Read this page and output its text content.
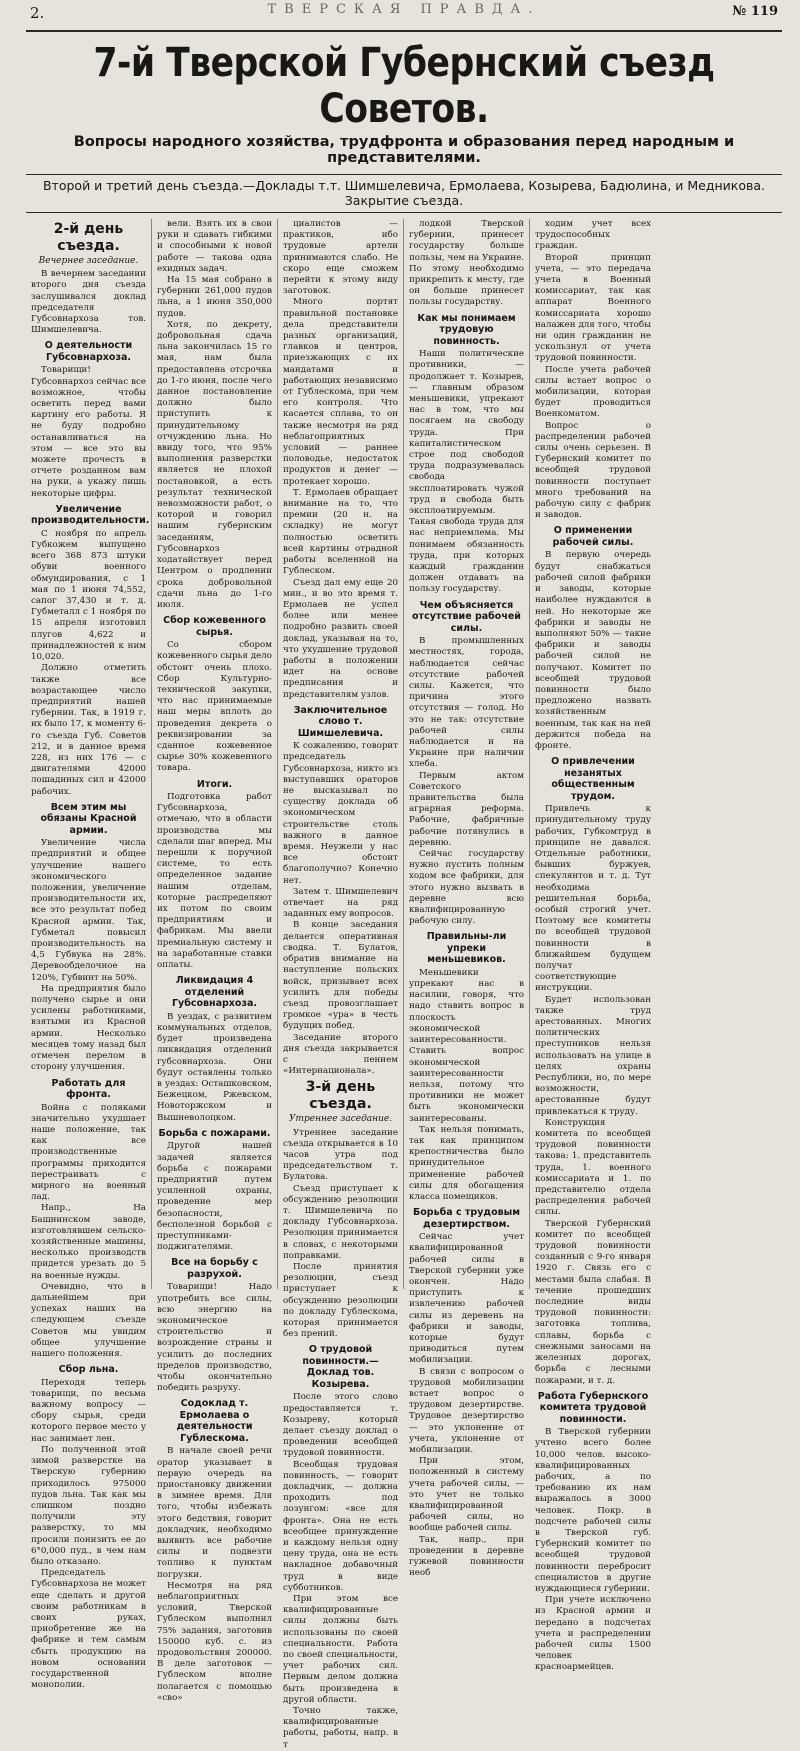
2.	ТВЕРСКАЯ ПРАВДА.	№ 119
7-й Тверской Губернский съезд Советов.
Вопросы народного хозяйства, трудфронта и образования перед народным и представителями.
Второй и третий день съезда.—Доклады т.т. Шимшелевича, Ермолаева, Козырева, Бадюлина, и Медникова. Закрытие съезда.
2-й день съезда.
Вечернее заседание.

В вечернем заседании второго дня съезда заслушивался доклад председателя Губсовнархоза тов. Шимшелевича.

О деятельности Губсовнархоза.

Товарищи! Губсовнархоз сейчас все возможное, чтобы осветить перед вами картину его работы. Я не буду подробно останавливаться на этом — все это вы можете прочесть в отчете розданном вам на руки, а укажу лишь некоторые цифры.

Увеличение производительности.

С ноября по апрель Губкожем выпущено всего 368 873 штуки обуви военного обмундирования, с 1 мая по 1 июня 74,552, сапог 37,430 и т. д. Губметалл с 1 ноября по 15 апреля изготовил плугов 4,622 и принадлежностей к ним 10,020.

Должно отметить также все возрастающее число предприятий нашей губернии. Так, в 1919 г. их было 17, к моменту 6-го съезда Губ. Советов 212, и в данное время 228, из них 176 — с двигателями 42000 лошадиных сил и 42000 рабочих.

Всем этим мы обязаны Красной армии.

Увеличение числа предприятий и общее улучшение нашего экономического положения, увеличение производительности их, все это результат побед Красной армии. Так, Губметал повысил производительность на 4,5 Губвука на 28%. Деревообделочное на 120%, Губвинт на 50%.

На предприятия было получено сырье и они усилены работниками, взятыми из Красной армии. Несколько месяцев тому назад был отмечен перелом в сторону улучшения.

Работать для фронта.

Война с поляками значительно ухудшает наше положение, так как все производственные программы приходится перестраивать с мирного на военный лад.

Напр., На Башнинском заводе, изготовлявшем сельско-хозяйственные машины, несколько производств придется урезать до 5 на военные нужды.

Очевидно, что в дальнейшем при успехах наших на следующем съезде Советов мы увидим общее улучшение нашего положения.

Сбор льна.

Переходя теперь товарищи, по весьма важному вопросу — сбору сырья, среди которого первое место у нас занимает лен.

По полученной этой зимой разверстке на Тверскую губернию приходилось 975000 пудов льна. Так как мы слишком поздно получили эту разверстку, то мы просили понизить ее до 6°0,000 пуд., в чем нам было отказано.

Председатель Губсовнархоза не может еще сделать и другой своим работникам в своих руках, приобретение же на фабрике и тем самым сбыть продукцию на новом основании государственной монополии.

вели. Взять их в свои руки и сдавать гибкими и способными к новой работе — такова одна ехидных задач.

На 15 мая собрано в губернии 261,000 пудов льна, а 1 июня 350,000 пудов.

Хотя, по декрету, добровольная сдача льна закончилась 15 го мая, нам была предоставлена отсрочка до 1-го июня, после чего данное постановление должно было приступить к принудительному отчуждению льна. Но ввиду того, что 95% выполнения разверстки является не плохой постановкой, а есть результат технической невозможности работ, о которой и говорил нашим губернским заседаниям, Губсовнархоз ходатайствует перед Центром о продлении срока добровольной сдачи льна до 1-го июля.

Сбор кожевенного сырья.

Со сбором кожевенного сырья дело обстоит очень плохо. Сбор Культурно-технической закупки, что нас принимаемые наш меры вплоть до проведения декрета о реквизировании за сданное кожевенное сырье 30% кожевенного товара.

Итоги.

Подготовка работ Губсовнархоза, отмечаю, что в области производства мы сделали шаг вперед. Мы перешли к поручной системе, то есть определенное задание нашим отделам, которые распределяют их потом по своим предприятиям и фабрикам. Мы ввели премиальную систему и на заработанные ставки оплаты.

Ликвидация 4 отделений Губсовнархоза.

В уездах, с развитием коммунальных отделов, будет произведена ликвидация отделений губсовнархоза. Они будут оставлены только в уездах: Осташковском, Бежецком, Ржевском, Новоторжском и Вышневолоцком.

Борьба с пожарами.

Другой нашей задачей является борьба с пожарами предприятий путем усиленной охраны, проведение мер безопасности, бесполезной борьбой с преступниками-поджигателями.

Все на борьбу с разрухой.

Товарищи! Надо употребить все силы, всю энергию на экономическое строительство и возрождение страны и усилить до последних пределов производство, чтобы окончательно победить разруху.

Содоклад т. Ермолаева о деятельности Гублескома.

В начале своей речи оратор указывает в первую очередь на приостановку движения в зимнее время. Для того, чтобы избежать этого бедствия, говорит докладчик, необходимо выявить все рабочие силы и подвезти топливо к пунктам погрузки.

Несмотря на ряд неблагоприятных условий, Тверской Гублеском выполнил 75% задания, заготовив 150000 куб. с. из продовольствия 200000. В деле заготовок — Гублеском вполне полагается с помощью «сво»

циалистов — практиков, ибо трудовые артели принимаются слабо. Не скоро еще сможем перейти к этому виду заготовок.

Много портят правильной постановке дела представители разных организаций, главков и центров, приезжающих с их мандатами и работающих независимо от Гублескома, при чем его контроля. Что касается сплава, то он также несмотря на ряд неблагоприятных условий — раннее половодье, недостаток продуктов и денег — протекает хорошо.

Т. Ермолаев обращает внимание на то, что премии (20 н. на складку) не могут полностью осветить всей картины отрадной работы вселенной на Гублеском.

Съезд дал ему еще 20 мин., и во это время т. Ермолаев не успел более или менее подробно развить своей доклад, указывая на то, что ухудшение трудовой работы в положении идет на основе предписания и представителям узлов.

Заключительное слово т. Шимшелевича.

К сожалению, говорит председатель Губсовнархоза, никто из выступавших ораторов не высказывал по существу доклада об экономическом строительстве столь важного в данное время. Неужели у нас все обстоит благополучно? Конечно нет.

Затем т. Шимшелевич отвечает на ряд заданных ему вопросов.

В конце заседания делается оперативная сводка. Т. Булатов, обратив внимание на наступление польских войск, призывает всех усилить для победы съезд провозглашает громкое «ура» в честь будущих побед.

Заседание второго дня съезда закрывается с пением «Интернационала».

3-й день съезда.
Утреннее заседание.

Утреннее заседание съезда открывается в 10 часов утра под председательством т. Булатова.

Съезд приступает к обсуждению резолюции т. Шимшелевича по докладу Губсовнархоза. Резолюция принимается в словах, с некоторыми поправками.

После принятия резолюции, съезд приступает к обсуждению резолюции по докладу Гублескома, которая принимается без прений.

О трудовой повинности.—Доклад тов. Козырева.

После этого слово предоставляется т. Козыреву, который делает съезду доклад о проведении всеобщей трудовой повинности.

Всеобщая трудовая повинность, — говорит докладчик, — должна проходить под лозунгом: «все для фронта». Она не есть всеобщее принуждение и каждому нельзя одну цену труда, она не есть накладное добавочный труд в виде субботников.

При этом все квалифицированные силы должны быть использованы по своей специальности. Работа по своей специальности, учет рабочих сил. Первым делом должна быть произведена в другой области.

Точно также, квалифицированные работы, работы, напр. в т

лодкой Тверской губернии, принесет государству больше пользы, чем на Украине. По этому необходимо прикрепить к месту, где он больше принесет пользы государству.

Как мы понимаем трудовую повинность.

Наши политические противники, — продолжает т. Козырев, — главным образом меньшевики, упрекают нас в том, что мы посягаем на свободу труда. При капиталистическом строе под свободой труда подразумевалась свобода эксплоатировать чужой труд и свобода быть эксплоатируемым. Такая свобода труда для нас неприемлема. Мы понимаем обязанность труда, при которых каждый гражданин должен отдавать на пользу государству.

Чем объясняется отсутствие рабочей силы.

В промышленных местностях, города, наблюдается сейчас отсутствие рабочей силы. Кажется, что причина этого отсутствия — голод. Но это не так: отсутствие рабочей силы наблюдается и на Украине при наличии хлеба.

Первым актом Советского правительства была аграрная реформа. Рабочие, фабричные рабочие потянулись в деревню.

Сейчас государству нужно пустить полным ходом все фабрики, для этого нужно вызвать в деревне всю квалифицированную рабочую силу.

Правильны-ли упреки меньшевиков.

Меньшевики упрекают нас в насилии, говоря, что надо ставить вопрос в плоскость экономической заинтересованности. Ставить вопрос экономической заинтересованности нельзя, потому что противники не может быть экономически заинтересованы.

Так нельзя понимать, так как принципом крепостничества было принудительное применение рабочей силы для обогащения класса помещиков.

Борьба с трудовым дезертирством.

Сейчас учет квалифицированной рабочей силы в Тверской губернии уже окончен. Надо приступить к извлечению рабочей силы из деревень на фабрики и заводы, которые будут приводиться путем мобилизации.

В связи с вопросом о трудовой мобилизации встает вопрос о трудовом дезертирстве. Трудовое дезертирство — это уклонение от учета, уклонение от мобилизации.

При этом, положенный в систему учета рабочей силы, — это учет не только квалифицированной рабочей силы, но вообще рабочей силы.

Так, напр., при проведении в деревне гужевой повинности необ

ходим учет всех трудоспособных граждан.

Второй принцип учета, — это передача учета в Военный комиссариат, так как аппарат Военного комиссариата хорошо налажен для того, чтобы ни один гражданин не ускользнул от учета трудовой повинности.

После учета рабочей силы встает вопрос о мобилизации, которая будет проводиться Военкоматом.

Вопрос о распределении рабочей силы очень серьезен. В Губернский комитет по всеобщей трудовой повинности поступает много требований на рабочую силу с фабрик и заводов.

О применении рабочей силы.

В первую очередь будут снабжаться рабочей силой фабрики и заводы, которые наиболее нуждаются в ней. Но некоторые же фабрики и заводы не выполняют 50% — такие фабрики и заводы рабочей силой не получают. Комитет по всеобщей трудовой повинности было предложено назвать хозяйственным военным, так как на ней держится победа на фронте.

О привлечении незанятых общественным трудом.

Привлечь к принудительному труду рабочих, Губкомтруд в принципе не давался. Отдельные работники, бывших буржуев, спекулянтов и т. д. Тут необходима решительная борьба, особый строгий учет. Поэтому все комитеты по всеобщей трудовой повинности в ближайшем будущем получат соответствующие инструкции.

Будет использован также труд арестованных. Многих политических преступников нельзя использовать на улице в целях охраны Республики, но, по мере возможности, арестованные будут привлекаться к труду.

Конструкция комитета по всеобщей трудовой повинности такова: 1. представитель труда, 1. военного комиссариата и 1. по представителю отдела распределения рабочей силы.

Тверской Губернский комитет по всеобщей трудовой повинности созданный с 9-го января 1920 г. Связь его с местами была слабая. В течение прошедших последние виды трудовой повинности: заготовка топлива, сплавы, борьба с снежными заносами на железных дорогах, борьба с лесными пожарами, и т. д.

Работа Губернского комитета трудовой повинности.

В Тверской губернии учтено всего более 10,000 челов. высоко-квалифицированных рабочих, а по требованию их нам выражалось в 3000 человек. Покр. в подсчете рабочей силы в Тверской губ. Губернский комитет по всеобщей трудовой повинности перебросит специалистов в другие нуждающиеся губернии.

При учете исключено из Красной армии и передано в подсчетах учета и распределении рабочей силы 1500 человек красноармейцев.
